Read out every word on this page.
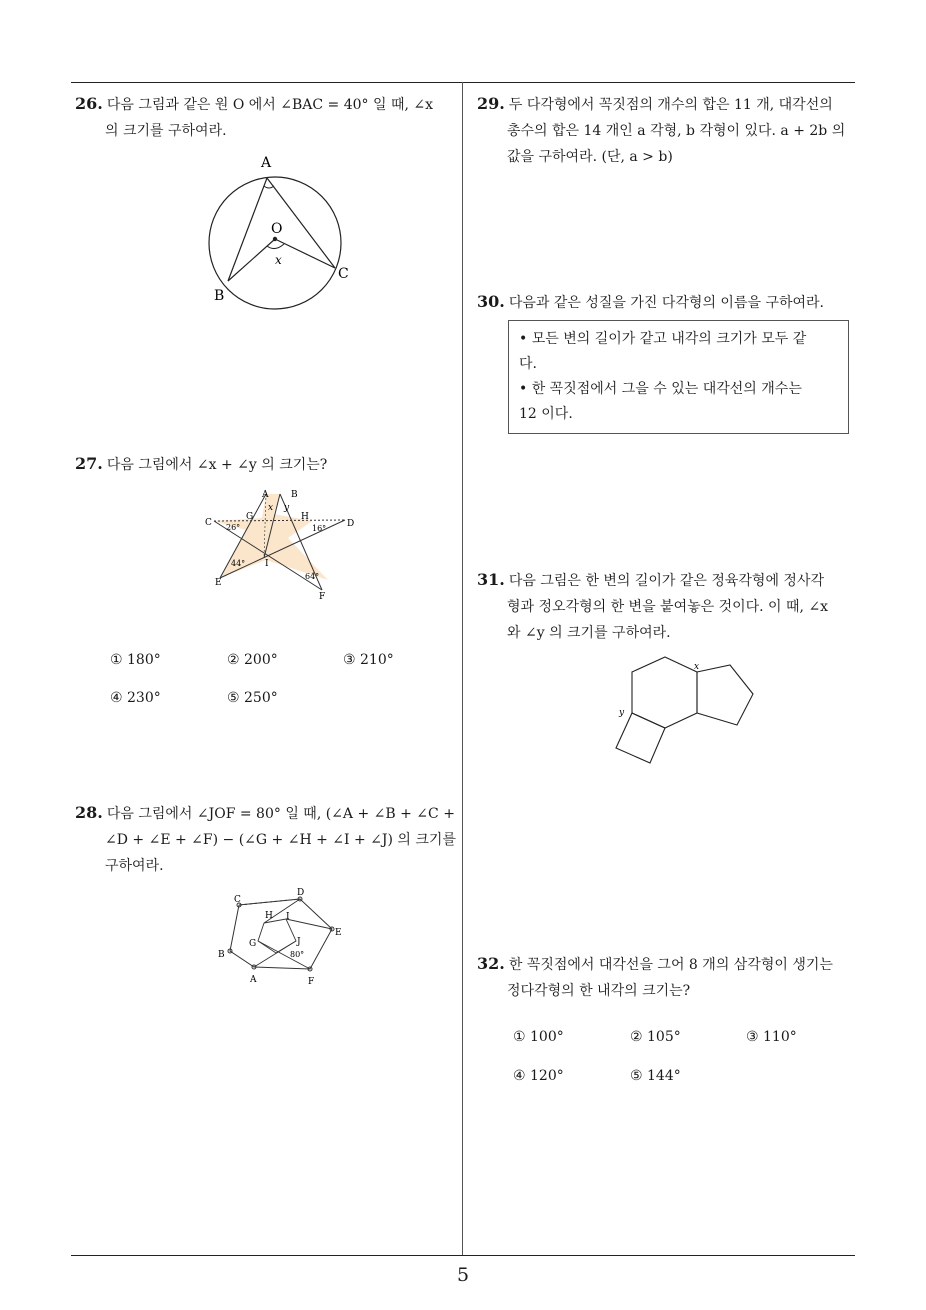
5
26. 다음 그림과 같은 원 O 에서 ∠BAC = 40° 일 때, ∠x
의 크기를 구하여라.
A
O
x
B
C
27. 다음 그림에서 ∠x + ∠y 의 크기는?
A	B
x y
C
G	H
D
26°	16°
I
44°
64°
E
F
① 180°	② 200°	③ 210°
④ 230°	⑤ 250°
28. 다음 그림에서 ∠JOF = 80° 일 때, (∠A + ∠B + ∠C +
∠D + ∠E + ∠F) − (∠G + ∠H + ∠I + ∠J) 의 크기를
구하여라.
C
D
H I
E
G	J
80°
B
A	F
29. 두 다각형에서 꼭짓점의 개수의 합은 11 개, 대각선의
총수의 합은 14 개인 a 각형, b 각형이 있다. a + 2b 의
값을 구하여라. (단, a > b)
30. 다음과 같은 성질을 가진 다각형의 이름을 구하여라.
• 모든 변의 길이가 같고 내각의 크기가 모두 같
다.
• 한 꼭짓점에서 그을 수 있는 대각선의 개수는
12 이다.
31. 다음 그림은 한 변의 길이가 같은 정육각형에 정사각
형과 정오각형의 한 변을 붙여놓은 것이다. 이 때, ∠x
와 ∠y 의 크기를 구하여라.
x
y
32. 한 꼭짓점에서 대각선을 그어 8 개의 삼각형이 생기는
정다각형의 한 내각의 크기는?
① 100°	② 105°	③ 110°
④ 120°	⑤ 144°
